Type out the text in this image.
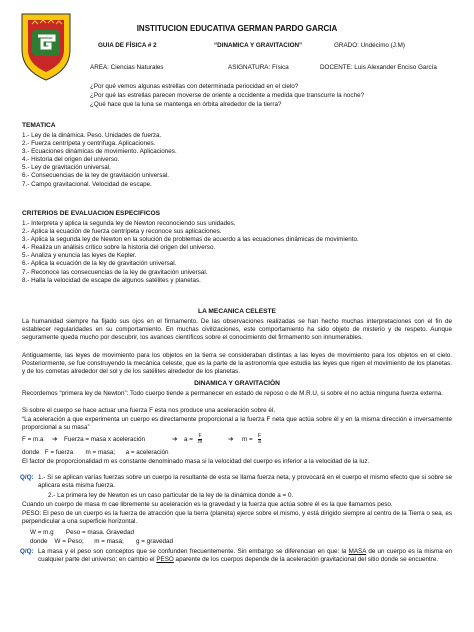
INSTITUCION EDUCATIVA GERMAN PARDO GARCIA
GUIA DE FÍSICA # 2	“DINAMICA Y GRAVITACION”	GRADO: Undécimo (J.M)
AREA: Ciencias Naturales	ASIGNATURA: Física	DOCENTE: Luis Alexander Enciso García
¿Por qué vemos algunas estrellas con determinada periocidad en el cielo?
¿Por qué las estrellas parecen moverse de oriente a occidente a medida que transcurre la noche?
¿Qué hace que la luna se mantenga en órbita alrededor de la tierra?
TEMATICA
1.- Ley de la dinámica. Peso. Unidades de fuerza.
2.- Fuerza centrípeta y centrífuga. Aplicaciones.
3.- Ecuaciones dinámicas de movimiento. Aplicaciones.
4.- Historia del origen del universo.
5.- Ley de gravitación universal.
6.- Consecuencias de la ley de gravitación universal.
7.- Campo gravitacional. Velocidad de escape.
CRITERIOS DE EVALUACION ESPECIFICOS
1.- Interpreta y aplica la segunda ley de Newton reconociendo sus unidades.
2.- Aplica la ecuación de fuerza centrípeta y reconoce sus aplicaciones.
3.- Aplica la segunda ley de Newton en la solución de problemas de acuerdo a las ecuaciones dinámicas de movimiento.
4.- Realiza un análisis crítico sobre la historia del origen del universo.
5.- Analiza y enuncia las leyes de Kepler.
6.- Aplica la ecuación de la ley de gravitación universal.
7.- Reconoce las consecuencias de la ley de gravitación universal.
8.- Halla la velocidad de escape de algunos satélites y planetas.
LA MECANICA CELESTE
La humanidad siempre ha fijado sus ojos en el firmamento. De las observaciones realizadas se han hecho muchas interpretaciones con el fin de establecer regularidades en su comportamiento. En muchas civilizaciones, este comportamiento ha sido objeto de misterio y de respeto. Aunque seguramente queda mucho por descubrir, los avances científicos sobre el conocimiento del firmamento son innumerables.
Antiguamente, las leyes de movimiento para los objetos en la tierra se consideraban distintas a las leyes de movimiento para los objetos en el cielo. Posteriormente, se fue construyendo la mecánica celeste, que es la parte de la astronomía que estudia las leyes que rigen el movimiento de los planetas. y de los cometas alrededor del sol y de los satélites alrededor de los planetas.
DINAMICA Y GRAVITACIÒN
Recordemos “primera ley de Newton”: Todo cuerpo tiende a permanecer en estado de reposo o de M.R.U, si sobre el no actúa ninguna fuerza externa.
Si sobre el cuerpo se hace actuar una fuerza F esta nos produce una aceleración sobre él.
“La aceleración a que experimenta un cuerpo es directamente proporcional a la fuerza F neta que actúa sobre él y en la misma dirección e inversamente proporcional a su masa”
F = m.a ➔ Fuerza = masa x aceleración	➔ $a = \frac{F}{m}$	➔ $m = \frac{F}{a}$
donde   F = fuerza       m = masa;      a = aceleración
El factor de proporcionalidad m es constante denominado masa si la velocidad del cuerpo es inferior a la velocidad de la luz.
Q/Q: 1.- Si se aplican varías fuerzas sobre un cuerpo la resultante de esta se llama fuerza neta, y provocará en el cuerpo el mismo efecto que si sobre se aplicara esta misma fuerza.
2.- La primera ley de Newton es un caso particular de la ley de la dinámica donde a = 0.
Cuando un cuerpo de masa m cae libremente su aceleración es la gravedad y la fuerza que actúa sobre él es la que llamamos peso.
PESO: El peso de un cuerpo es la fuerza de atracción que la tierra (planeta) ejerce sobre el mismo, y está dirigido siempre al centro de la Tierra o sea, es perpendicular a una superficie horizontal.
W = m.g       Peso = masa. Gravedad
donde    W = Peso;      m = masa;       g = gravedad
Q/Q: La masa y el peso son conceptos que se confunden frecuentemente. Sin embargo se diferencian en que: la MASA de un cuerpo es la misma en cualquier parte del universo; en cambio el PESO aparente de los cuerpos depende de la aceleración gravitacional del sitio donde se encuentre.
